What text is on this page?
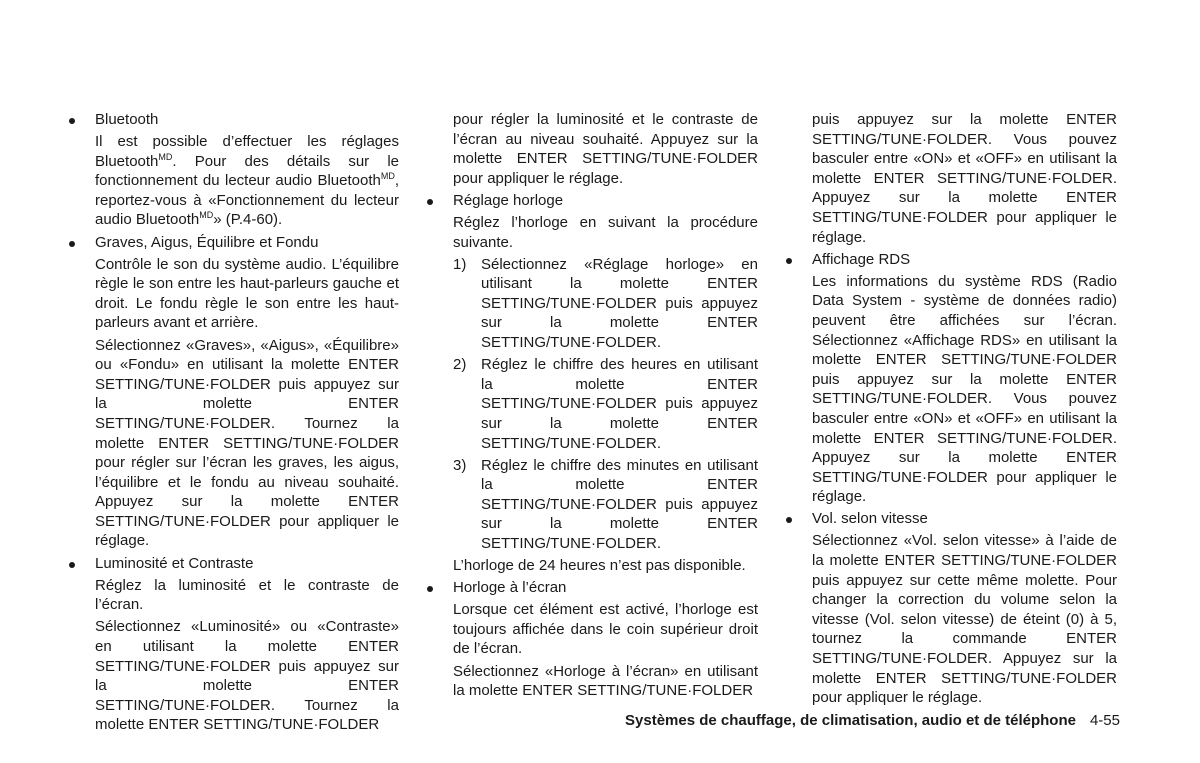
Bluetooth

Il est possible d’effectuer les réglages Bluetooth$^{MD}$. Pour des détails sur le fonctionnement du lecteur audio Bluetooth$^{MD}$, reportez-vous à «Fonctionnement du lecteur audio Bluetooth$^{MD}$» (P.4-60).

Graves, Aigus, Équilibre et Fondu

Contrôle le son du système audio. L’équilibre règle le son entre les haut-parleurs gauche et droit. Le fondu règle le son entre les haut-parleurs avant et arrière.

Sélectionnez «Graves», «Aigus», «Équilibre» ou «Fondu» en utilisant la molette ENTER SETTING/TUNE·FOLDER puis appuyez sur la molette ENTER SETTING/TUNE·FOLDER. Tournez la molette ENTER SETTING/TUNE·FOLDER pour régler sur l’écran les graves, les aigus, l’équilibre et le fondu au niveau souhaité. Appuyez sur la molette ENTER SETTING/TUNE·FOLDER pour appliquer le réglage.

Luminosité et Contraste

Réglez la luminosité et le contraste de l’écran.

Sélectionnez «Luminosité» ou «Contraste» en utilisant la molette ENTER SETTING/TUNE·FOLDER puis appuyez sur la molette ENTER SETTING/TUNE·FOLDER. Tournez la molette ENTER SETTING/TUNE·FOLDER

pour régler la luminosité et le contraste de l’écran au niveau souhaité. Appuyez sur la molette ENTER SETTING/TUNE·FOLDER pour appliquer le réglage.

Réglage horloge

Réglez l’horloge en suivant la procédure suivante.

1) Sélectionnez «Réglage horloge» en utilisant la molette ENTER SETTING/TUNE·FOLDER puis appuyez sur la molette ENTER SETTING/TUNE·FOLDER.
2) Réglez le chiffre des heures en utilisant la molette ENTER SETTING/TUNE·FOLDER puis appuyez sur la molette ENTER SETTING/TUNE·FOLDER.
3) Réglez le chiffre des minutes en utilisant la molette ENTER SETTING/TUNE·FOLDER puis appuyez sur la molette ENTER SETTING/TUNE·FOLDER.

L’horloge de 24 heures n’est pas disponible.

Horloge à l’écran

Lorsque cet élément est activé, l’horloge est toujours affichée dans le coin supérieur droit de l’écran.

Sélectionnez «Horloge à l’écran» en utilisant la molette ENTER SETTING/TUNE·FOLDER

puis appuyez sur la molette ENTER SETTING/TUNE·FOLDER. Vous pouvez basculer entre «ON» et «OFF» en utilisant la molette ENTER SETTING/TUNE·FOLDER. Appuyez sur la molette ENTER SETTING/TUNE·FOLDER pour appliquer le réglage.

Affichage RDS

Les informations du système RDS (Radio Data System - système de données radio) peuvent être affichées sur l’écran. Sélectionnez «Affichage RDS» en utilisant la molette ENTER SETTING/TUNE·FOLDER puis appuyez sur la molette ENTER SETTING/TUNE·FOLDER. Vous pouvez basculer entre «ON» et «OFF» en utilisant la molette ENTER SETTING/TUNE·FOLDER. Appuyez sur la molette ENTER SETTING/TUNE·FOLDER pour appliquer le réglage.

Vol. selon vitesse

Sélectionnez «Vol. selon vitesse» à l’aide de la molette ENTER SETTING/TUNE·FOLDER puis appuyez sur cette même molette. Pour changer la correction du volume selon la vitesse (Vol. selon vitesse) de éteint (0) à 5, tournez la commande ENTER SETTING/TUNE·FOLDER. Appuyez sur la molette ENTER SETTING/TUNE·FOLDER pour appliquer le réglage.

Systèmes de chauffage, de climatisation, audio et de téléphone 4-55
